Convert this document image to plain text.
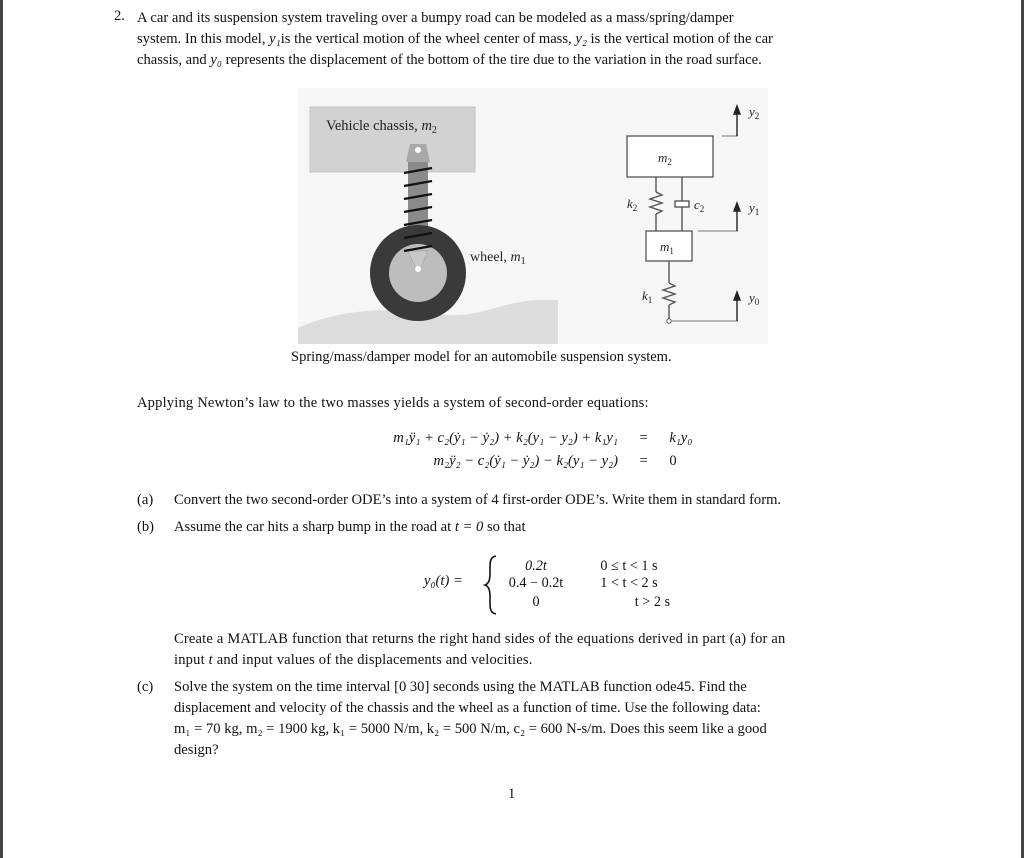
2. A car and its suspension system traveling over a bumpy road can be modeled as a mass/spring/damper
system. In this model, y₁is the vertical motion of the wheel center of mass, y₂ is the vertical motion of the car
chassis, and y₀ represents the displacement of the bottom of the tire due to the variation in the road surface.
Vehicle chassis, $m_2$
wheel, $m_1$
$m_2$
$k_2$	$c_2$
$m_1$
$k_1$
$y_2$
$y_1$
$y_0$
Spring/mass/damper model for an automobile suspension system.
Applying Newton’s law to the two masses yields a system of second-order equations:
m₁ÿ₁ + c₂(ẏ₁ − ẏ₂) + k₂(y₁ − y₂) + k₁y₁ = k₁y₀
m₂ÿ₂ − c₂(ẏ₁ − ẏ₂) − k₂(y₁ − y₂) = 0
(a) Convert the two second-order ODE’s into a system of 4 first-order ODE’s. Write them in standard form.
(b) Assume the car hits a sharp bump in the road at t = 0 so that
y₀(t) =
0.2t	0 ≤ t < 1 s
0.4 − 0.2t	1 < t < 2 s
0	t > 2 s
Create a MATLAB function that returns the right hand sides of the equations derived in part (a) for an
input t and input values of the displacements and velocities.
(c) Solve the system on the time interval [0 30] seconds using the MATLAB function ode45. Find the
displacement and velocity of the chassis and the wheel as a function of time. Use the following data:
m₁ = 70 kg, m₂ = 1900 kg, k₁ = 5000 N/m, k₂ = 500 N/m, c₂ = 600 N-s/m. Does this seem like a good
design?
1
